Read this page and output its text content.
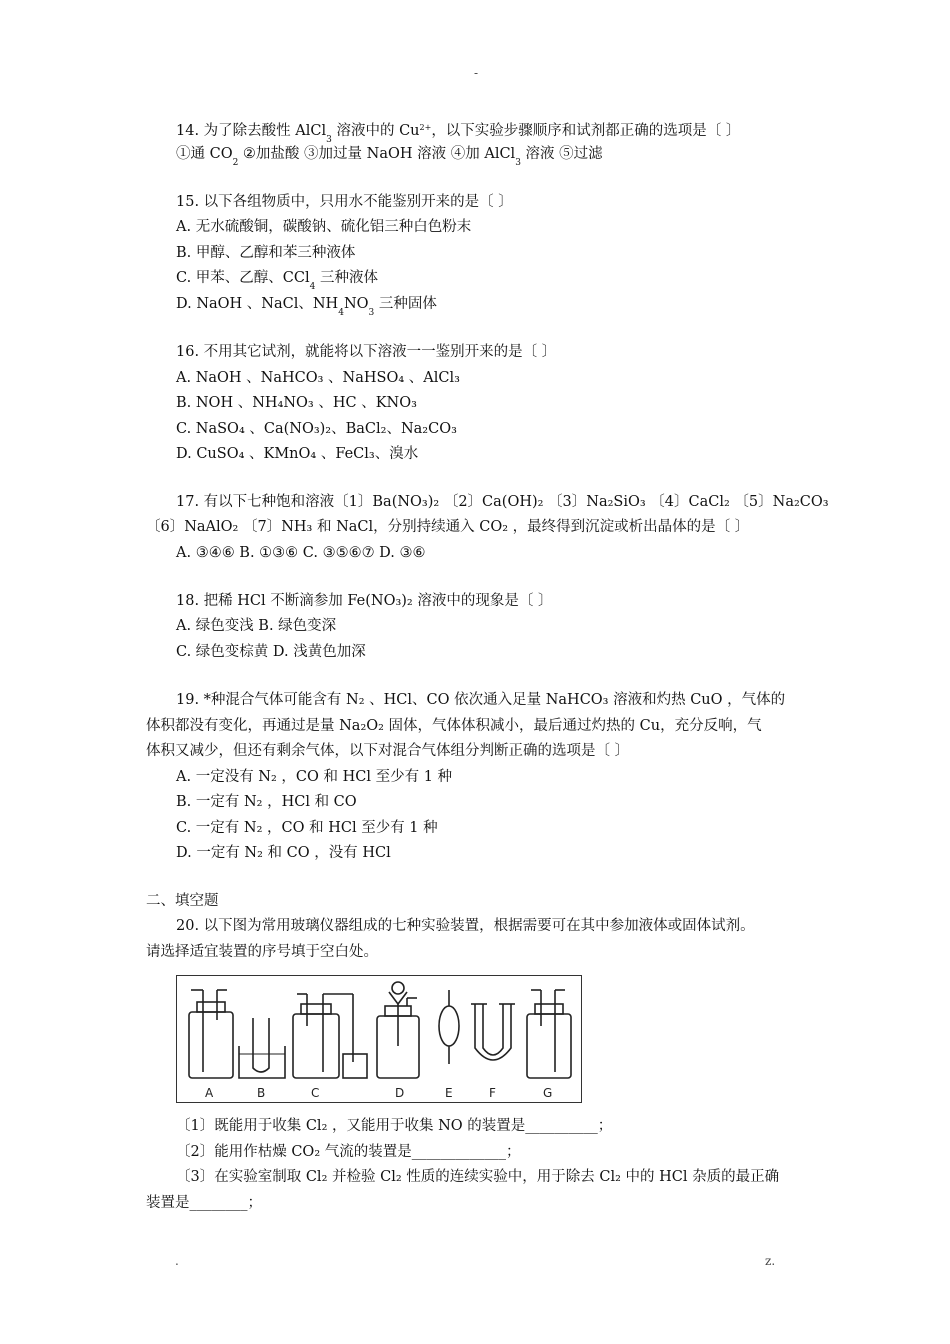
-
14. 为了除去酸性 AlCl$_3$ 溶液中的 $Cu^{2+}$，以下实验步骤顺序和试剂都正确的选项是〔 〕
①通 $CO_2$ ②加盐酸 ③加过量 NaOH 溶液 ④加 AlCl$_3$ 溶液 ⑤过滤
15. 以下各组物质中，只用水不能鉴别开来的是〔 〕
A. 无水硫酸铜，碳酸钠、硫化铝三种白色粉末
B. 甲醇、乙醇和苯三种液体
C. 甲苯、乙醇、CCl$_4$ 三种液体
D. NaOH 、NaCl、$NH_4NO_3$ 三种固体
16. 不用其它试剂，就能将以下溶液一一鉴别开来的是〔 〕
A. NaOH 、NaHCO₃ 、NaHSO₄ 、AlCl₃
B. NOH 、NH₄NO₃ 、HC 、KNO₃
C. NaSO₄ 、Ca(NO₃)₂、BaCl₂、Na₂CO₃
D. CuSO₄ 、KMnO₄ 、FeCl₃、溴水
17. 有以下七种饱和溶液〔1〕Ba(NO₃)₂ 〔2〕Ca(OH)₂ 〔3〕Na₂SiO₃ 〔4〕CaCl₂ 〔5〕Na₂CO₃
〔6〕NaAlO₂ 〔7〕NH₃ 和 NaCl，分别持续通入 CO₂ ，最终得到沉淀或析出晶体的是〔 〕
A. ③④⑥ B. ①③⑥ C. ③⑤⑥⑦ D. ③⑥
18. 把稀 HCl 不断滴参加 Fe(NO₃)₂ 溶液中的现象是〔 〕
A. 绿色变浅 B. 绿色变深
C. 绿色变棕黄 D. 浅黄色加深
19. *种混合气体可能含有 N₂ 、HCl、CO 依次通入足量 NaHCO₃ 溶液和灼热 CuO ，气体的
体积都没有变化，再通过是量 Na₂O₂ 固体，气体体积减小，最后通过灼热的 Cu，充分反响，气
体积又减少，但还有剩余气体，以下对混合气体组分判断正确的选项是〔 〕
A. 一定没有 N₂ ，CO 和 HCl 至少有 1 种
B. 一定有 N₂ ，HCl 和 CO
C. 一定有 N₂ ，CO 和 HCl 至少有 1 种
D. 一定有 N₂ 和 CO ，没有 HCl
二、填空题
20. 以下图为常用玻璃仪器组成的七种实验装置，根据需要可在其中参加液体或固体试剂。
请选择适宜装置的序号填于空白处。
A	B	C	D	E	F	G
〔1〕既能用于收集 Cl₂ ，又能用于收集 NO 的装置是__________；
〔2〕能用作枯燥 CO₂ 气流的装置是_____________；
〔3〕在实验室制取 Cl₂ 并检验 Cl₂ 性质的连续实验中，用于除去 Cl₂ 中的 HCl 杂质的最正确
装置是________；
.	z.
